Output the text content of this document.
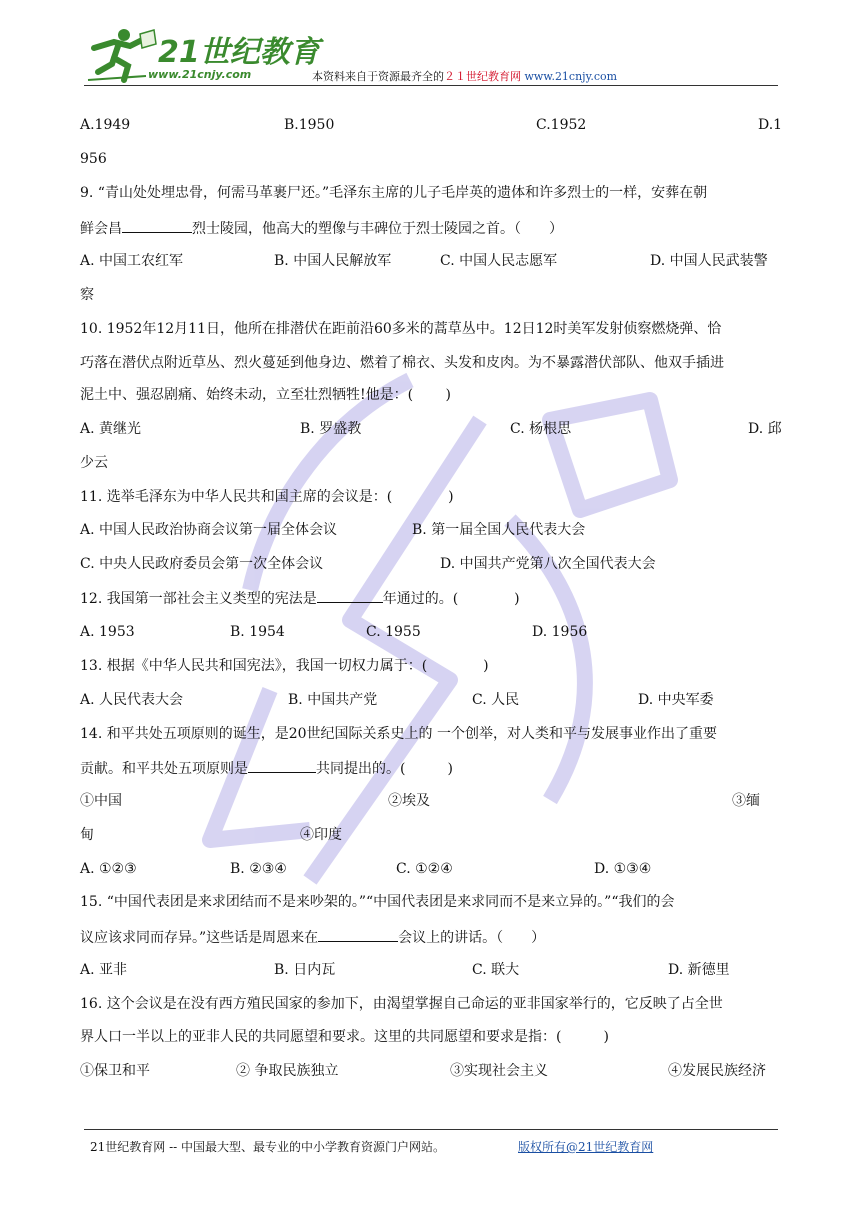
21世纪教育
www.21cnjy.com	本资料来自于资源最齐全的２１世纪教育网 www.21cnjy.com
A.1949	B.1950	C.1952	D.1
956
9. “青山处处埋忠骨，何需马革裹尸还。”毛泽东主席的儿子毛岸英的遗体和许多烈士的一样，安葬在朝
鲜会昌	烈士陵园，他高大的塑像与丰碑位于烈士陵园之首。（　　）
A. 中国工农红军	B. 中国人民解放军	C. 中国人民志愿军	D. 中国人民武装警
察
10. 1952年12月11日，他所在排潜伏在距前沿60多米的蒿草丛中。12日12时美军发射侦察燃烧弹、恰
巧落在潜伏点附近草丛、烈火蔓延到他身边、燃着了棉衣、头发和皮肉。为不暴露潜伏部队、他双手插进
泥土中、强忍剧痛、始终未动，立至壮烈牺牲!他是：(　　 )
A. 黄继光	B. 罗盛教	C. 杨根思	D. 邱
少云
11. 选举毛泽东为中华人民共和国主席的会议是：(　　　　)
A. 中国人民政治协商会议第一届全体会议	B. 第一届全国人民代表大会
C. 中央人民政府委员会第一次全体会议	D. 中国共产党第八次全国代表大会
12. 我国第一部社会主义类型的宪法是	年通过的。(　　　　)
A. 1953	B. 1954	C. 1955	D. 1956
13. 根据《中华人民共和国宪法》，我国一切权力属于：(　　　　)
A. 人民代表大会	B. 中国共产党	C. 人民	D. 中央军委
14. 和平共处五项原则的诞生，是20世纪国际关系史上的 一个创举，对人类和平与发展事业作出了重要
贡献。和平共处五项原则是	共同提出的。(　　　)
①中国	②埃及	③缅
甸	④印度
A. ①②③	B. ②③④	C. ①②④	D. ①③④
15. “中国代表团是来求团结而不是来吵架的。”“中国代表团是来求同而不是来立异的。”“我们的会
议应该求同而存异。”这些话是周恩来在	会议上的讲话。（　　）
A. 亚非	B. 日内瓦	C. 联大	D. 新德里
16. 这个会议是在没有西方殖民国家的参加下，由渴望掌握自己命运的亚非国家举行的，它反映了占全世
界人口一半以上的亚非人民的共同愿望和要求。这里的共同愿望和要求是指：(　　　)
①保卫和平	② 争取民族独立	③实现社会主义	④发展民族经济
21世纪教育网 -- 中国最大型、最专业的中小学教育资源门户网站。	版权所有@21世纪教育网
